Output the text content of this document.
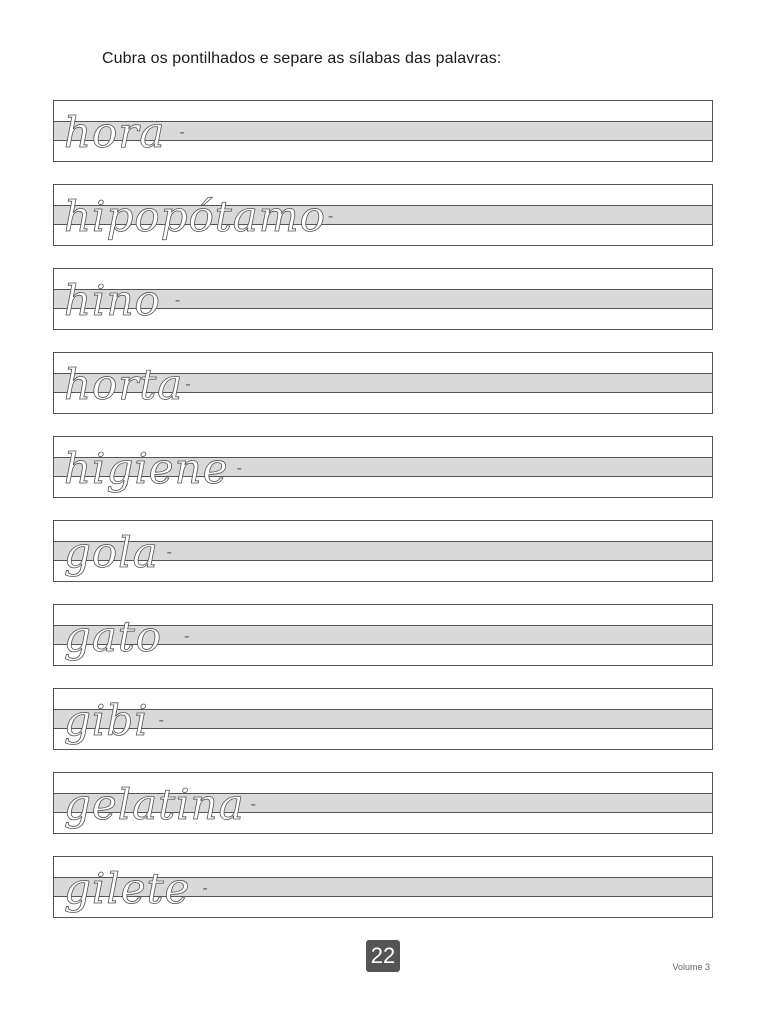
Cubra os pontilhados e separe as sílabas das palavras:
hora -
hipopótamo -
hino -
horta -
higiene -
gola -
gato -
gibi -
gelatina -
gilete -
22	Volume 3
